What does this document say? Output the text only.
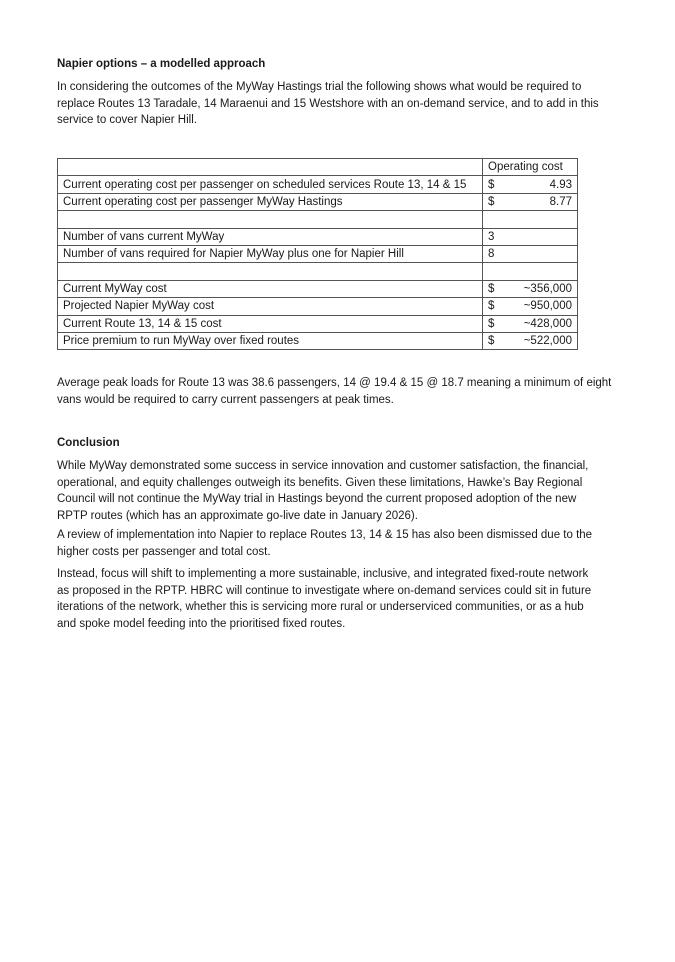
Napier options – a modelled approach
In considering the outcomes of the MyWay Hastings trial the following shows what would be required to
replace Routes 13 Taradale, 14 Maraenui and 15 Westshore with an on-demand service, and to add in this
service to cover Napier Hill.
	Operating cost
Current operating cost per passenger on scheduled services Route 13, 14 & 15	$ 4.93

Current operating cost per passenger MyWay Hastings	$ 8.77

Number of vans current MyWay	3
Number of vans required for Napier MyWay plus one for Napier Hill	8

Current MyWay cost	$ ~356,000

Projected Napier MyWay cost	$ ~950,000

Current Route 13, 14 & 15 cost	$ ~428,000

Price premium to run MyWay over fixed routes	$ ~522,000
Average peak loads for Route 13 was 38.6 passengers, 14 @ 19.4 & 15 @ 18.7 meaning a minimum of eight
vans would be required to carry current passengers at peak times.
Conclusion
While MyWay demonstrated some success in service innovation and customer satisfaction, the financial,
operational, and equity challenges outweigh its benefits. Given these limitations, Hawke’s Bay Regional
Council will not continue the MyWay trial in Hastings beyond the current proposed adoption of the new
RPTP routes (which has an approximate go-live date in January 2026).
A review of implementation into Napier to replace Routes 13, 14 & 15 has also been dismissed due to the
higher costs per passenger and total cost.
Instead, focus will shift to implementing a more sustainable, inclusive, and integrated fixed-route network
as proposed in the RPTP. HBRC will continue to investigate where on-demand services could sit in future
iterations of the network, whether this is servicing more rural or underserviced communities, or as a hub
and spoke model feeding into the prioritised fixed routes.
